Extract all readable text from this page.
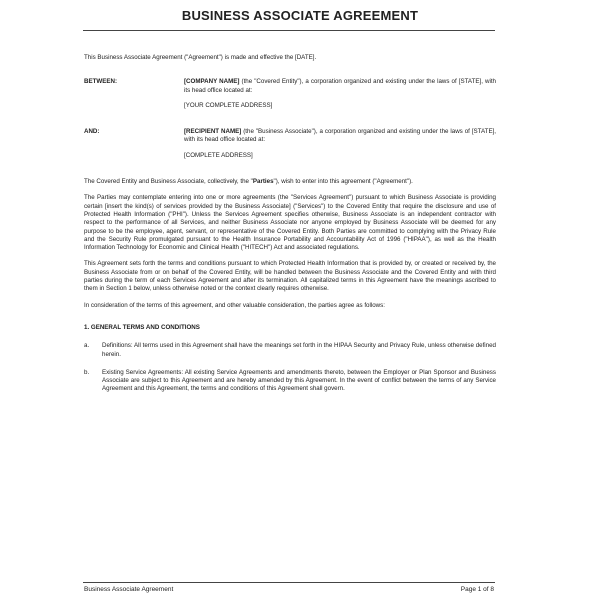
BUSINESS ASSOCIATE AGREEMENT

This Business Associate Agreement ("Agreement") is made and effective the [DATE].

BETWEEN:	[COMPANY NAME] (the "Covered Entity"), a corporation organized and existing under the laws of [STATE], with its head office located at:
[YOUR COMPLETE ADDRESS]
AND:	[RECIPIENT NAME] (the "Business Associate"), a corporation organized and existing under the laws of [STATE], with its head office located at:
[COMPLETE ADDRESS]

The Covered Entity and Business Associate, collectively, the "Parties"), wish to enter into this agreement ("Agreement").

The Parties may contemplate entering into one or more agreements (the "Services Agreement") pursuant to which Business Associate is providing certain [insert the kind(s) of services provided by the Business Associate] ("Services") to the Covered Entity that require the disclosure and use of Protected Health Information ("PHI"). Unless the Services Agreement specifies otherwise, Business Associate is an independent contractor with respect to the performance of all Services, and neither Business Associate nor anyone employed by Business Associate will be deemed for any purpose to be the employee, agent, servant, or representative of the Covered Entity. Both Parties are committed to complying with the Privacy Rule and the Security Rule promulgated pursuant to the Health Insurance Portability and Accountability Act of 1996 ("HIPAA"), as well as the Health Information Technology for Economic and Clinical Health ("HITECH") Act and associated regulations.

This Agreement sets forth the terms and conditions pursuant to which Protected Health Information that is provided by, or created or received by, the Business Associate from or on behalf of the Covered Entity, will be handled between the Business Associate and the Covered Entity and with third parties during the term of each Services Agreement and after its termination. All capitalized terms in this Agreement have the meanings ascribed to them in Section 1 below, unless otherwise noted or the context clearly requires otherwise.

In consideration of the terms of this agreement, and other valuable consideration, the parties agree as follows:

1. GENERAL TERMS AND CONDITIONS
a.	Definitions: All terms used in this Agreement shall have the meanings set forth in the HIPAA Security and Privacy Rule, unless otherwise defined herein.
b.	Existing Service Agreements: All existing Service Agreements and amendments thereto, between the Employer or Plan Sponsor and Business Associate are subject to this Agreement and are hereby amended by this Agreement. In the event of conflict between the terms of any Service Agreement and this Agreement, the terms and conditions of this Agreement shall govern.
Business Associate Agreement	Page 1 of 8
